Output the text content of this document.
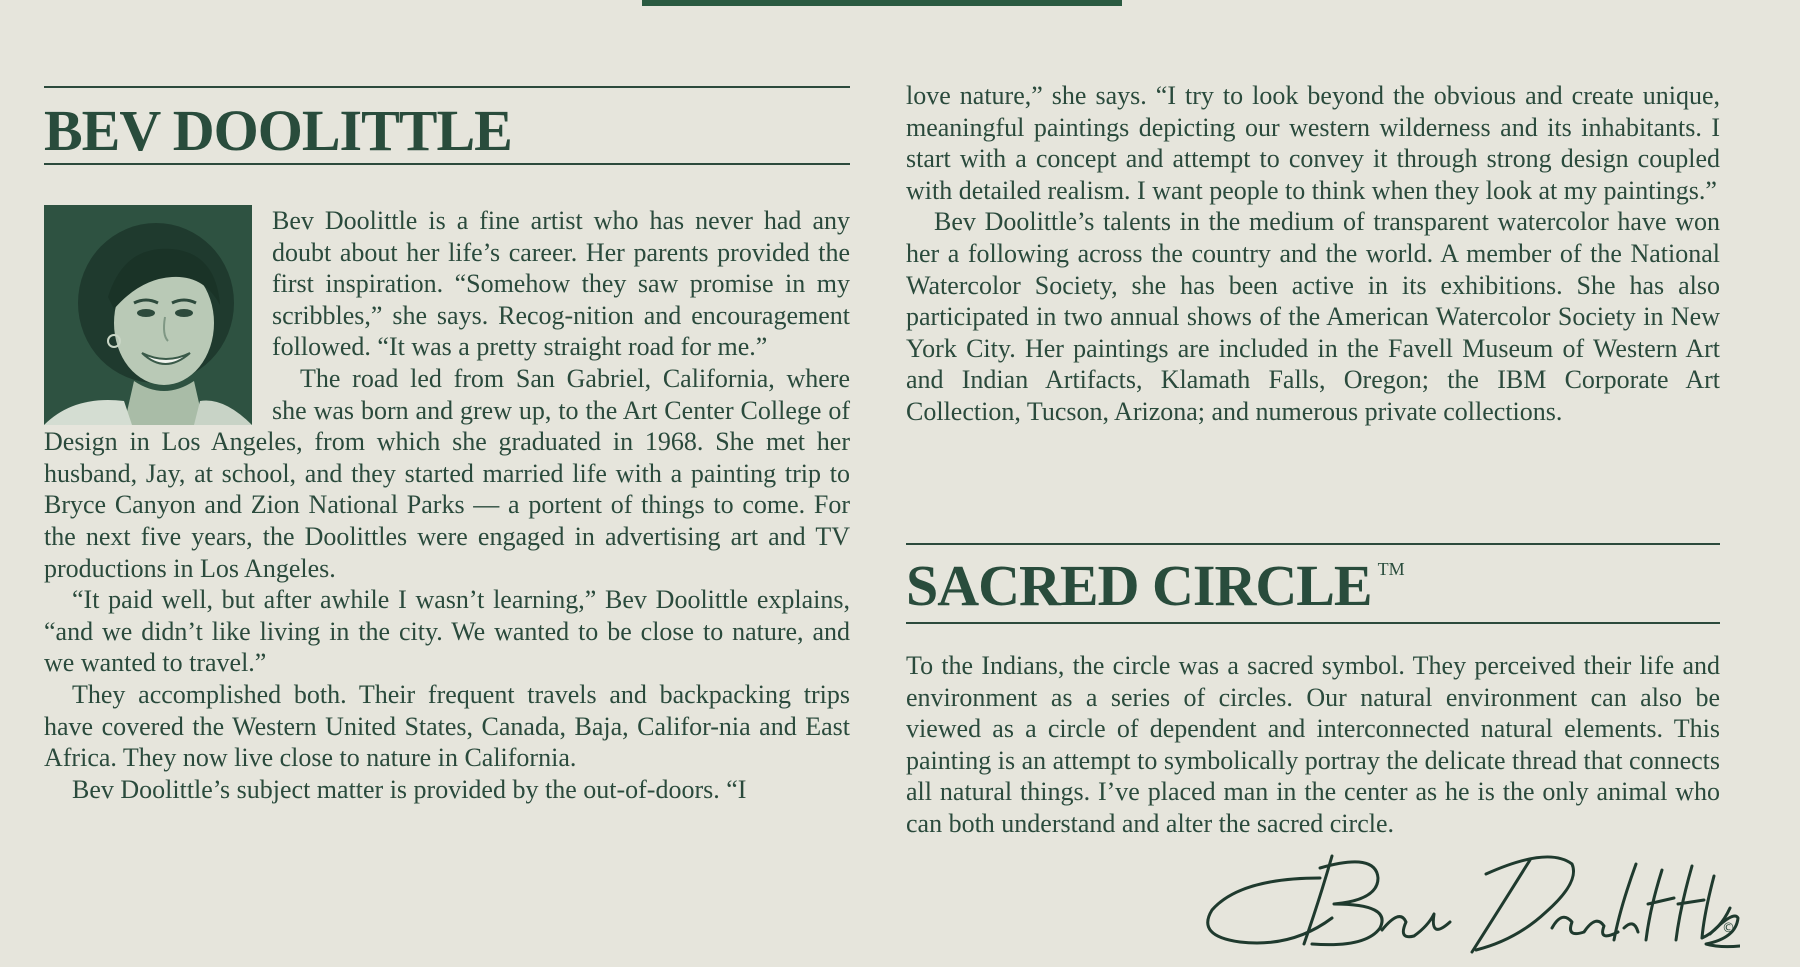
BEV DOOLITTLE

Bev Doolittle is a fine artist who has never had any doubt about her life’s career. Her parents provided the first inspiration. “Somehow they saw promise in my scribbles,” she says. Recog-nition and encouragement followed. “It was a pretty straight road for me.”

The road led from San Gabriel, California, where she was born and grew up, to the Art Center College of Design in Los Angeles, from which she graduated in 1968. She met her husband, Jay, at school, and they started married life with a painting trip to Bryce Canyon and Zion National Parks — a portent of things to come. For the next five years, the Doolittles were engaged in advertising art and TV productions in Los Angeles.

“It paid well, but after awhile I wasn’t learning,” Bev Doolittle explains, “and we didn’t like living in the city. We wanted to be close to nature, and we wanted to travel.”

They accomplished both. Their frequent travels and backpacking trips have covered the Western United States, Canada, Baja, Califor-nia and East Africa. They now live close to nature in California.

Bev Doolittle’s subject matter is provided by the out-of-doors. “I

love nature,” she says. “I try to look beyond the obvious and create unique, meaningful paintings depicting our western wilderness and its inhabitants. I start with a concept and attempt to convey it through strong design coupled with detailed realism. I want people to think when they look at my paintings.”

Bev Doolittle’s talents in the medium of transparent watercolor have won her a following across the country and the world. A member of the National Watercolor Society, she has been active in its exhibitions. She has also participated in two annual shows of the American Watercolor Society in New York City. Her paintings are included in the Favell Museum of Western Art and Indian Artifacts, Klamath Falls, Oregon; the IBM Corporate Art Collection, Tucson, Arizona; and numerous private collections.

SACRED CIRCLE ™

To the Indians, the circle was a sacred symbol. They perceived their life and environment as a series of circles. Our natural environment can also be viewed as a circle of dependent and interconnected natural elements. This painting is an attempt to symbolically portray the delicate thread that connects all natural things. I’ve placed man in the center as he is the only animal who can both understand and alter the sacred circle.

©
